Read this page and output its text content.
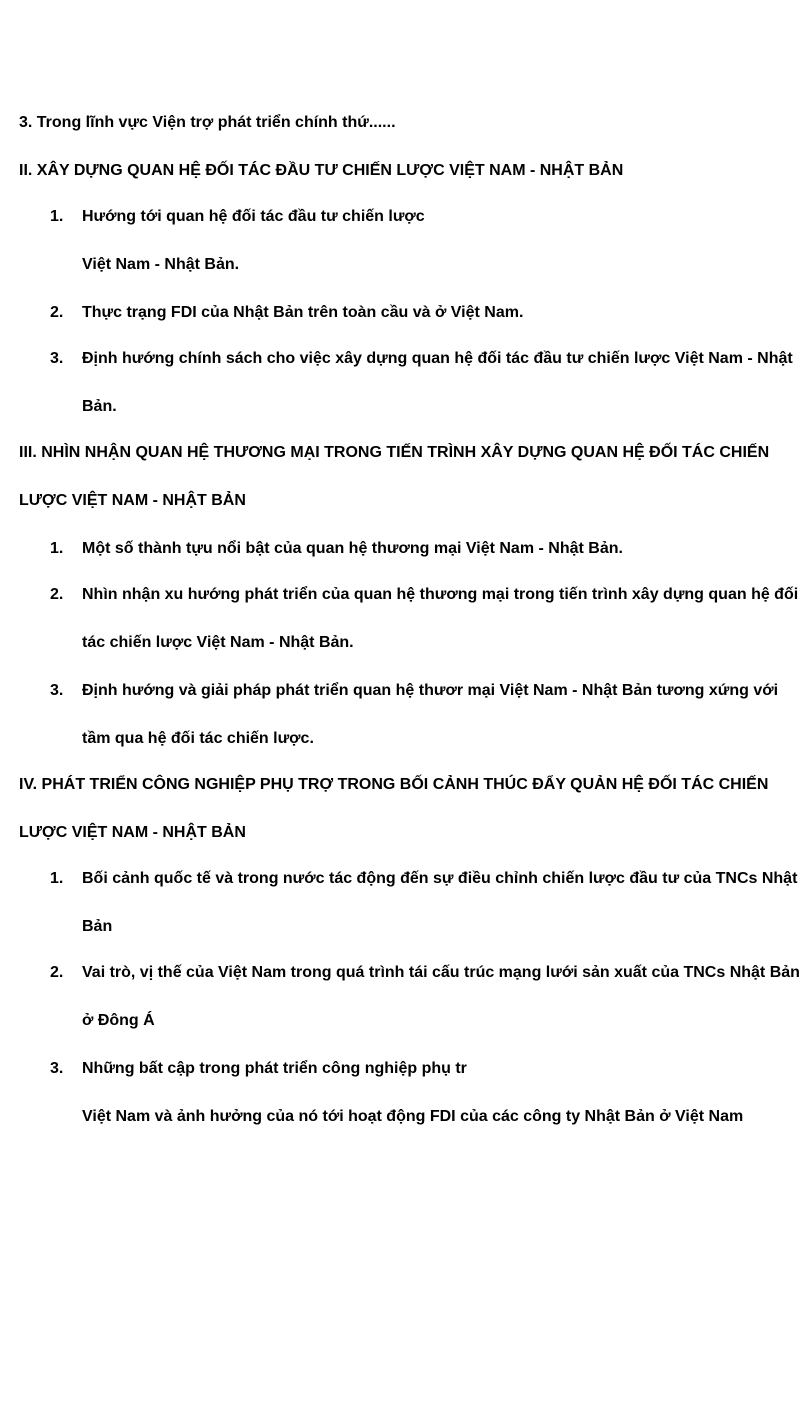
3. Trong lĩnh vực Viện trợ phát triển chính thứ......
II. XÂY DỰNG QUAN HỆ ĐỐI TÁC ĐẦU TƯ CHIẾN LƯỢC VIỆT NAM - NHẬT BẢN
1. Hướng tới quan hệ đối tác đầu tư chiến lược
Việt Nam - Nhật Bản.
2. Thực trạng FDI của Nhật Bản trên toàn cầu và ở Việt Nam.
3. Định hướng chính sách cho việc xây dựng quan hệ đối tác đầu tư chiến lược Việt Nam - Nhật
Bản.
III. NHÌN NHẬN QUAN HỆ THƯƠNG MẠI TRONG TIẾN TRÌNH XÂY DỰNG QUAN HỆ ĐỐI TÁC CHIẾN
LƯỢC VIỆT NAM - NHẬT BẢN
1. Một số thành tựu nổi bật của quan hệ thương mại Việt Nam - Nhật Bản.
2. Nhìn nhận xu hướng phát triển của quan hệ thương mại trong tiến trình xây dựng quan hệ đối
tác chiến lược Việt Nam - Nhật Bản.
3. Định hướng và giải pháp phát triển quan hệ thươr mại Việt Nam - Nhật Bản tương xứng với
tầm qua hệ đối tác chiến lược.
IV. PHÁT TRIỂN CÔNG NGHIỆP PHỤ TRỢ TRONG BỐI CẢNH THÚC ĐẨY QUẢN HỆ ĐỐI TÁC CHIẾN
LƯỢC VIỆT NAM - NHẬT BẢN
1. Bối cảnh quốc tế và trong nước tác động đến sự điều chỉnh chiến lược đầu tư của TNCs Nhật
Bản
2. Vai trò, vị thế của Việt Nam trong quá trình tái cấu trúc mạng lưới sản xuất của TNCs Nhật Bản
ở Đông Á
3. Những bất cập trong phát triển công nghiệp phụ tr
Việt Nam và ảnh hưởng của nó tới hoạt động FDI của các công ty Nhật Bản ở Việt Nam
